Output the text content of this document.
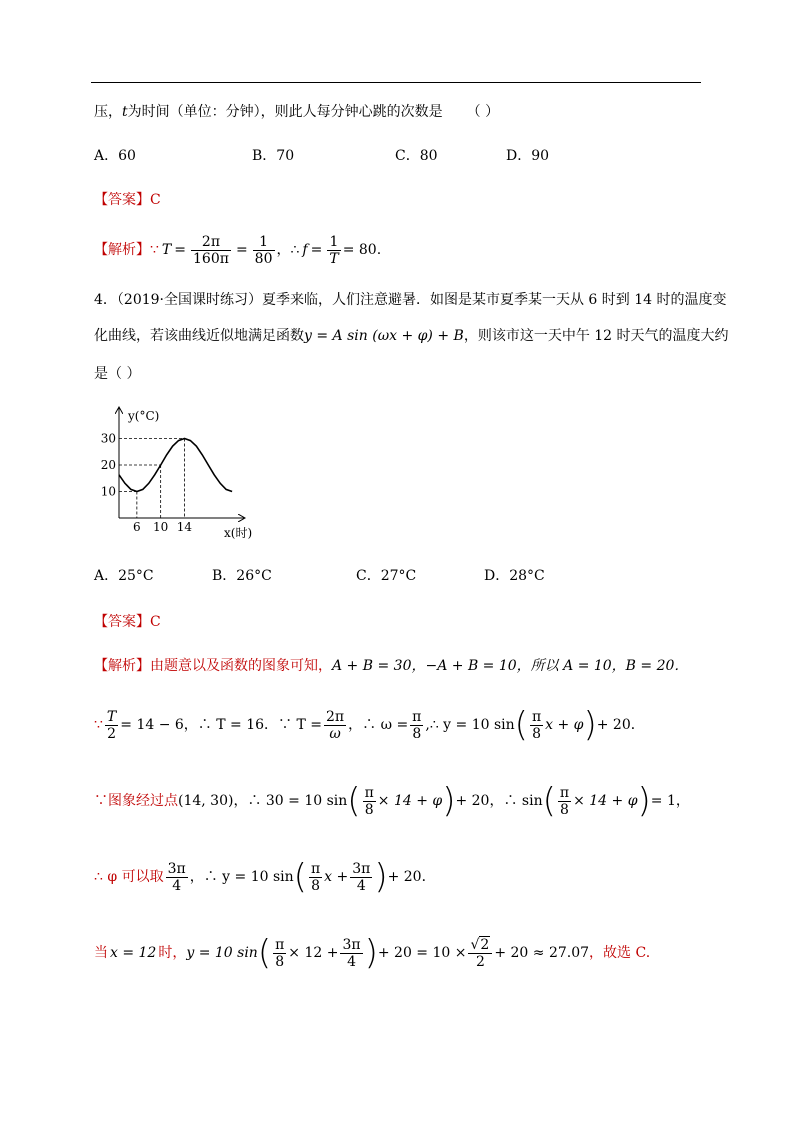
压，t为时间（单位：分钟），则此人每分钟心跳的次数是 （ ）
A．60	B．70	C．80	D．90
【答案】C
【解析】 ∵ $T = \frac{2\pi}{160\pi} = \frac{1}{80}$ ， ∴ $f = \frac{1}{T} = 80$ .
4．（2019·全国课时练习）夏季来临，人们注意避暑．如图是某市夏季某一天从 6 时到 14 时的温度变
化曲线，若该曲线近似地满足函数y = A sin (ωx + φ) + B，则该市这一天中午 12 时天气的温度大约
是（ ）
10
20
30
6 10 14
y(°C)
x(时)
A．25°C	B．26°C	C．27°C	D．28°C
【答案】C
【解析】由题意以及函数的图象可知，A + B = 30，−A + B = 10，所以 A = 10，B = 20．
∵ $\frac{T}{2} = 14 - 6$，∴ T = 16．∵ $T = \frac{2\pi}{\omega}$ ，∴ $\omega = \frac{\pi}{8}$ ,∴ y = 10 sin ( $\frac{\pi}{8}$ x + φ ) + 20．
∵图象经过点 (14, 30) ，∴ 30 = 10 sin ( $\frac{\pi}{8} \times 14 + \varphi$ ) + 20，∴ sin ( $\frac{\pi}{8} \times 14 + \varphi$ ) = 1，
∴ φ 可以取 $\frac{3\pi}{4}$ ，∴ y = 10 sin ( $\frac{\pi}{8}$ $x + \frac{3\pi}{4}$ ) + 20．
当 x = 12 时， y = 10 sin ( $\frac{\pi}{8} \times 12 + \frac{3\pi}{4}$ ) + $20 = 10 \times \frac{√2}{2} + 20 \approx 27.07$ ，故选 C.
